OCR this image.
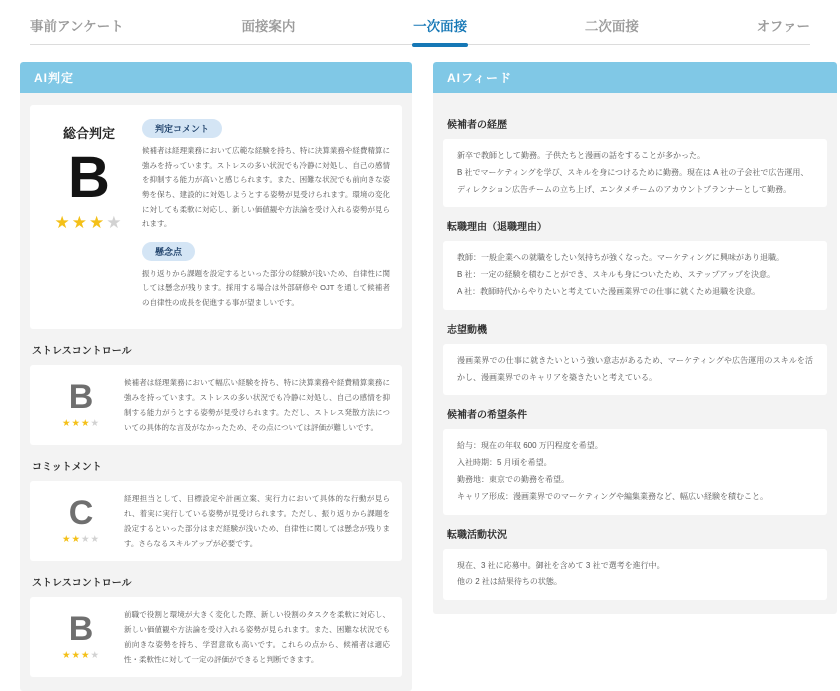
事前アンケート	面接案内	一次面接	二次面接	オファー
AI判定
総合判定
B
★★★★
判定コメント

候補者は経理業務において広範な経験を持ち、特に決算業務や経費精算に強みを持っています。ストレスの多い状況でも冷静に対処し、自己の感情を抑制する能力が高いと感じられます。また、困難な状況でも前向きな姿勢を保ち、建設的に対処しようとする姿勢が見受けられます。環境の変化に対しても柔軟に対応し、新しい価値観や方法論を受け入れる姿勢が見られます。

懸念点

振り返りから課題を設定するといった部分の経験が浅いため、自律性に関しては懸念が残ります。採用する場合は外部研修や OJT を通して候補者の自律性の成長を促進する事が望ましいです。

ストレスコントロール
B
★★★★

候補者は経理業務において幅広い経験を持ち、特に決算業務や経費精算業務に強みを持っています。ストレスの多い状況でも冷静に対処し、自己の感情を抑制する能力がうとする姿勢が見受けられます。ただし、ストレス発散方法についての具体的な言及がなかったため、その点については評価が難しいです。

コミットメント
C
★★★★

経理担当として、目標設定や計画立案、実行力において具体的な行動が見られ、着実に実行している姿勢が見受けられます。ただし、振り返りから課題を設定するといった部分はまだ経験が浅いため、自律性に関しては懸念が残ります。さらなるスキルアップが必要です。

ストレスコントロール
B
★★★★

前職で役割と環境が大きく変化した際、新しい役割のタスクを柔軟に対応し、新しい価値観や方法論を受け入れる姿勢が見られます。また、困難な状況でも前向きな姿勢を持ち、学習意欲も高いです。これらの点から、候補者は適応性・柔軟性に対して一定の評価ができると判断できます。

AIフィード
候補者の経歴
新卒で教師として勤務。子供たちと漫画の話をすることが多かった。
B 社でマーケティングを学び、スキルを身につけるために勤務。現在は A 社の子会社で広告運用、
ディレクション広告チームの立ち上げ、エンタメチームのアカウントプランナーとして勤務。
転職理由（退職理由）
教師：一般企業への就職をしたい気持ちが強くなった。マーケティングに興味があり退職。
B 社：一定の経験を積むことができ、スキルも身についたため、ステップアップを決意。
A 社：教師時代からやりたいと考えていた漫画業界での仕事に就くため退職を決意。
志望動機
漫画業界での仕事に就きたいという強い意志があるため、マーケティングや広告運用のスキルを活かし、漫画業界でのキャリアを築きたいと考えている。
候補者の希望条件
給与：現在の年収 600 万円程度を希望。
入社時期：5 月頃を希望。
勤務地：東京での勤務を希望。
キャリア形成：漫画業界でのマーケティングや編集業務など、幅広い経験を積むこと。
転職活動状況
現在、3 社に応募中。御社を含めて 3 社で選考を進行中。
他の 2 社は結果待ちの状態。
